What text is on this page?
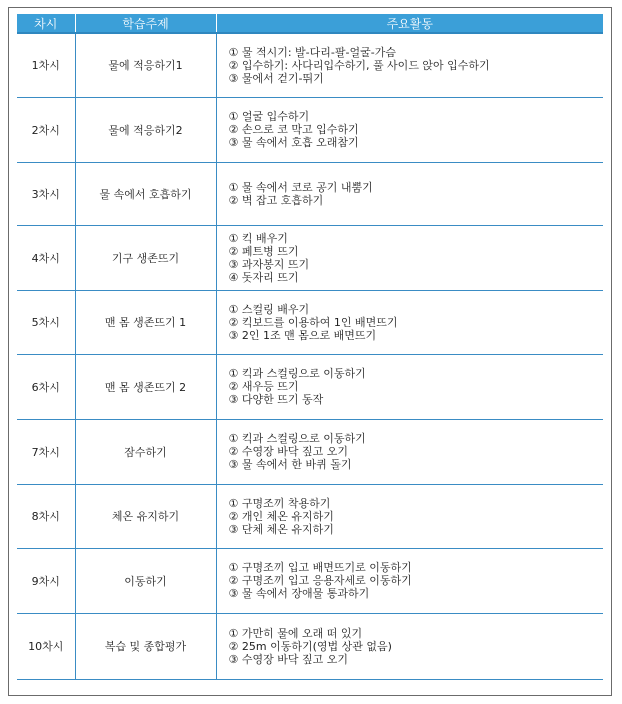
차시	학습주제	주요활동
1차시	물에 적응하기1	① 물 적시기: 발-다리-팔-얼굴-가슴
② 입수하기: 사다리입수하기, 풀 사이드 앉아 입수하기
③ 물에서 걷기-뛰기

2차시	물에 적응하기2	① 얼굴 입수하기
② 손으로 코 막고 입수하기
③ 물 속에서 호흡 오래참기

3차시	물 속에서 호흡하기	① 물 속에서 코로 공기 내뿜기
② 벽 잡고 호흡하기

4차시	기구 생존뜨기	① 킥 배우기
② 페트병 뜨기
③ 과자봉지 뜨기
④ 돗자리 뜨기

5차시	맨 몸 생존뜨기 1	① 스컬링 배우기
② 킥보드를 이용하여 1인 배면뜨기
③ 2인 1조 맨 몸으로 배면뜨기

6차시	맨 몸 생존뜨기 2	① 킥과 스컬링으로 이동하기
② 새우등 뜨기
③ 다양한 뜨기 동작

7차시	잠수하기	① 킥과 스컬링으로 이동하기
② 수영장 바닥 짚고 오기
③ 물 속에서 한 바퀴 돌기

8차시	체온 유지하기	① 구명조끼 착용하기
② 개인 체온 유지하기
③ 단체 체온 유지하기

9차시	이동하기	① 구명조끼 입고 배면뜨기로 이동하기
② 구명조끼 입고 응용자세로 이동하기
③ 물 속에서 장애물 통과하기

10차시	복습 및 종합평가	① 가만히 물에 오래 떠 있기
② 25m 이동하기(영법 상관 없음)
③ 수영장 바닥 짚고 오기
